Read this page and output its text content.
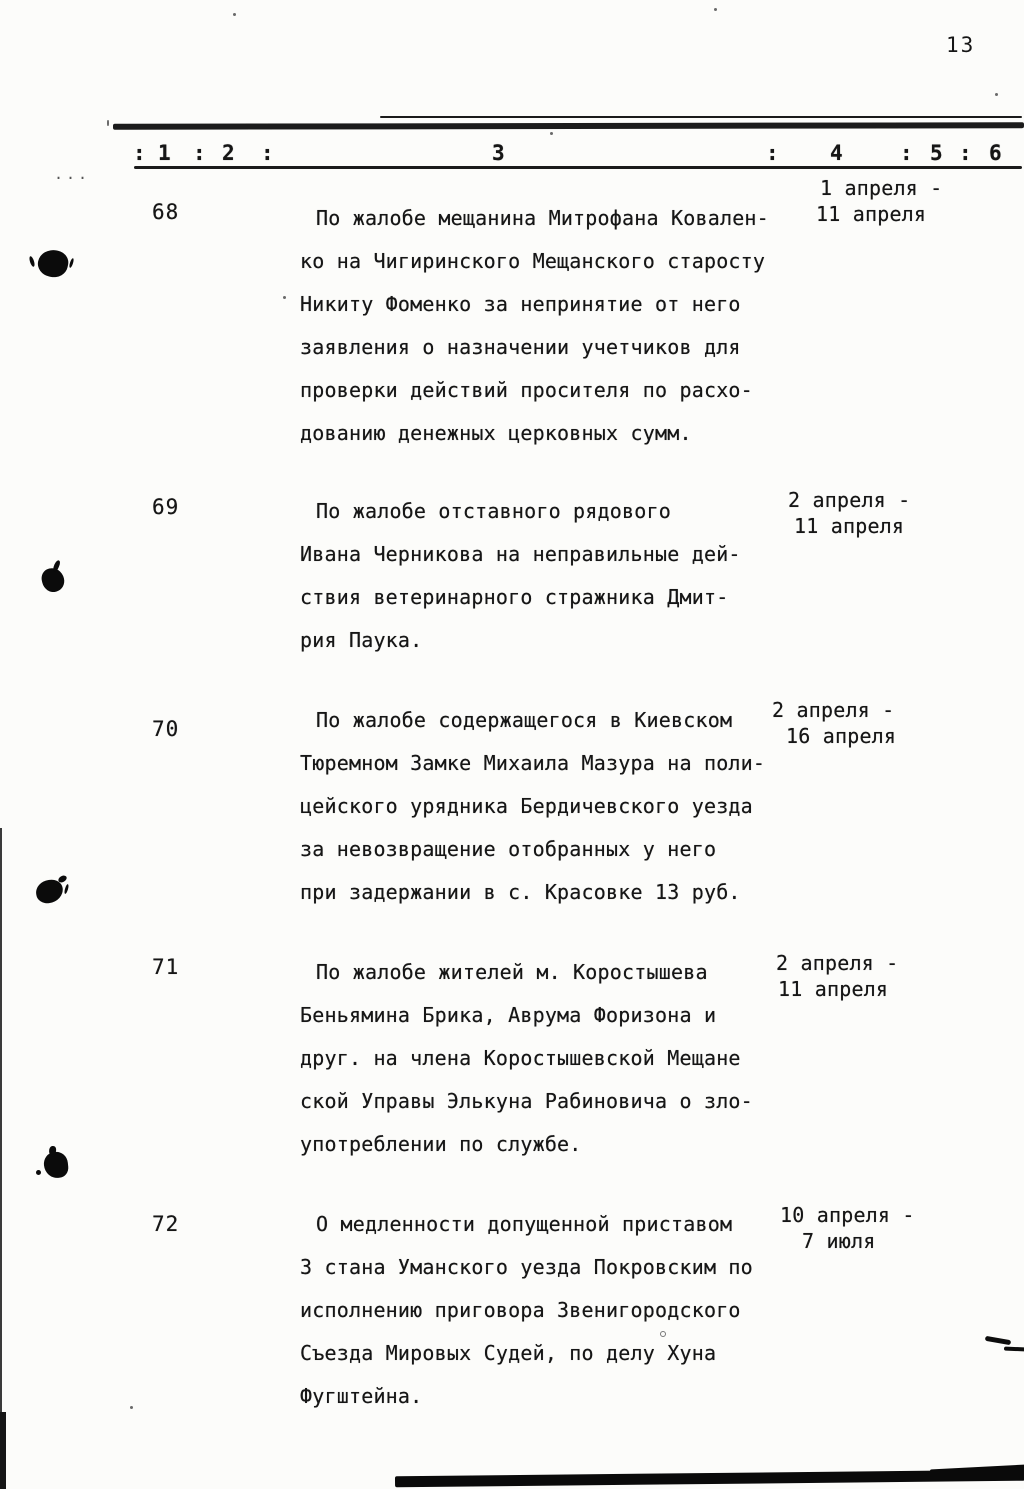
13
: 1 : 2 :	3	: 4	: 5 : 6
...
68	По жалобе мещанина Митрофана Ковален-
ко на Чигиринского Мещанского старосту
Никиту Фоменко за непринятие от него
заявления о назначении учетчиков для
проверки действий просителя по расхо-
дованию денежных церковных сумм.
1 апреля -
11 апреля
69	По жалобе отставного рядового
Ивана Черникова на неправильные дей-
ствия ветеринарного стражника Дмит-
рия Паука.
2 апреля -
11 апреля
70	По жалобе содержащегося в Киевском
Тюремном Замке Михаила Мазура на поли-
цейского урядника Бердичевского уезда
за невозвращение отобранных у него
при задержании в с. Красовке 13 руб.
2 апреля -
16 апреля
71	По жалобе жителей м. Коростышева
Беньямина Брика, Аврума Форизона и
друг. на члена Коростышевской Мещане
ской Управы Элькуна Рабиновича о зло-
употреблении по службе.
2 апреля -
11 апреля
72	О медленности допущенной приставом
3 стана Уманского уезда Покровским по
исполнению приговора Звенигородского
Съезда Мировых Судей, по делу Хуна
Фугштейна.
10 апреля -
7 июля
